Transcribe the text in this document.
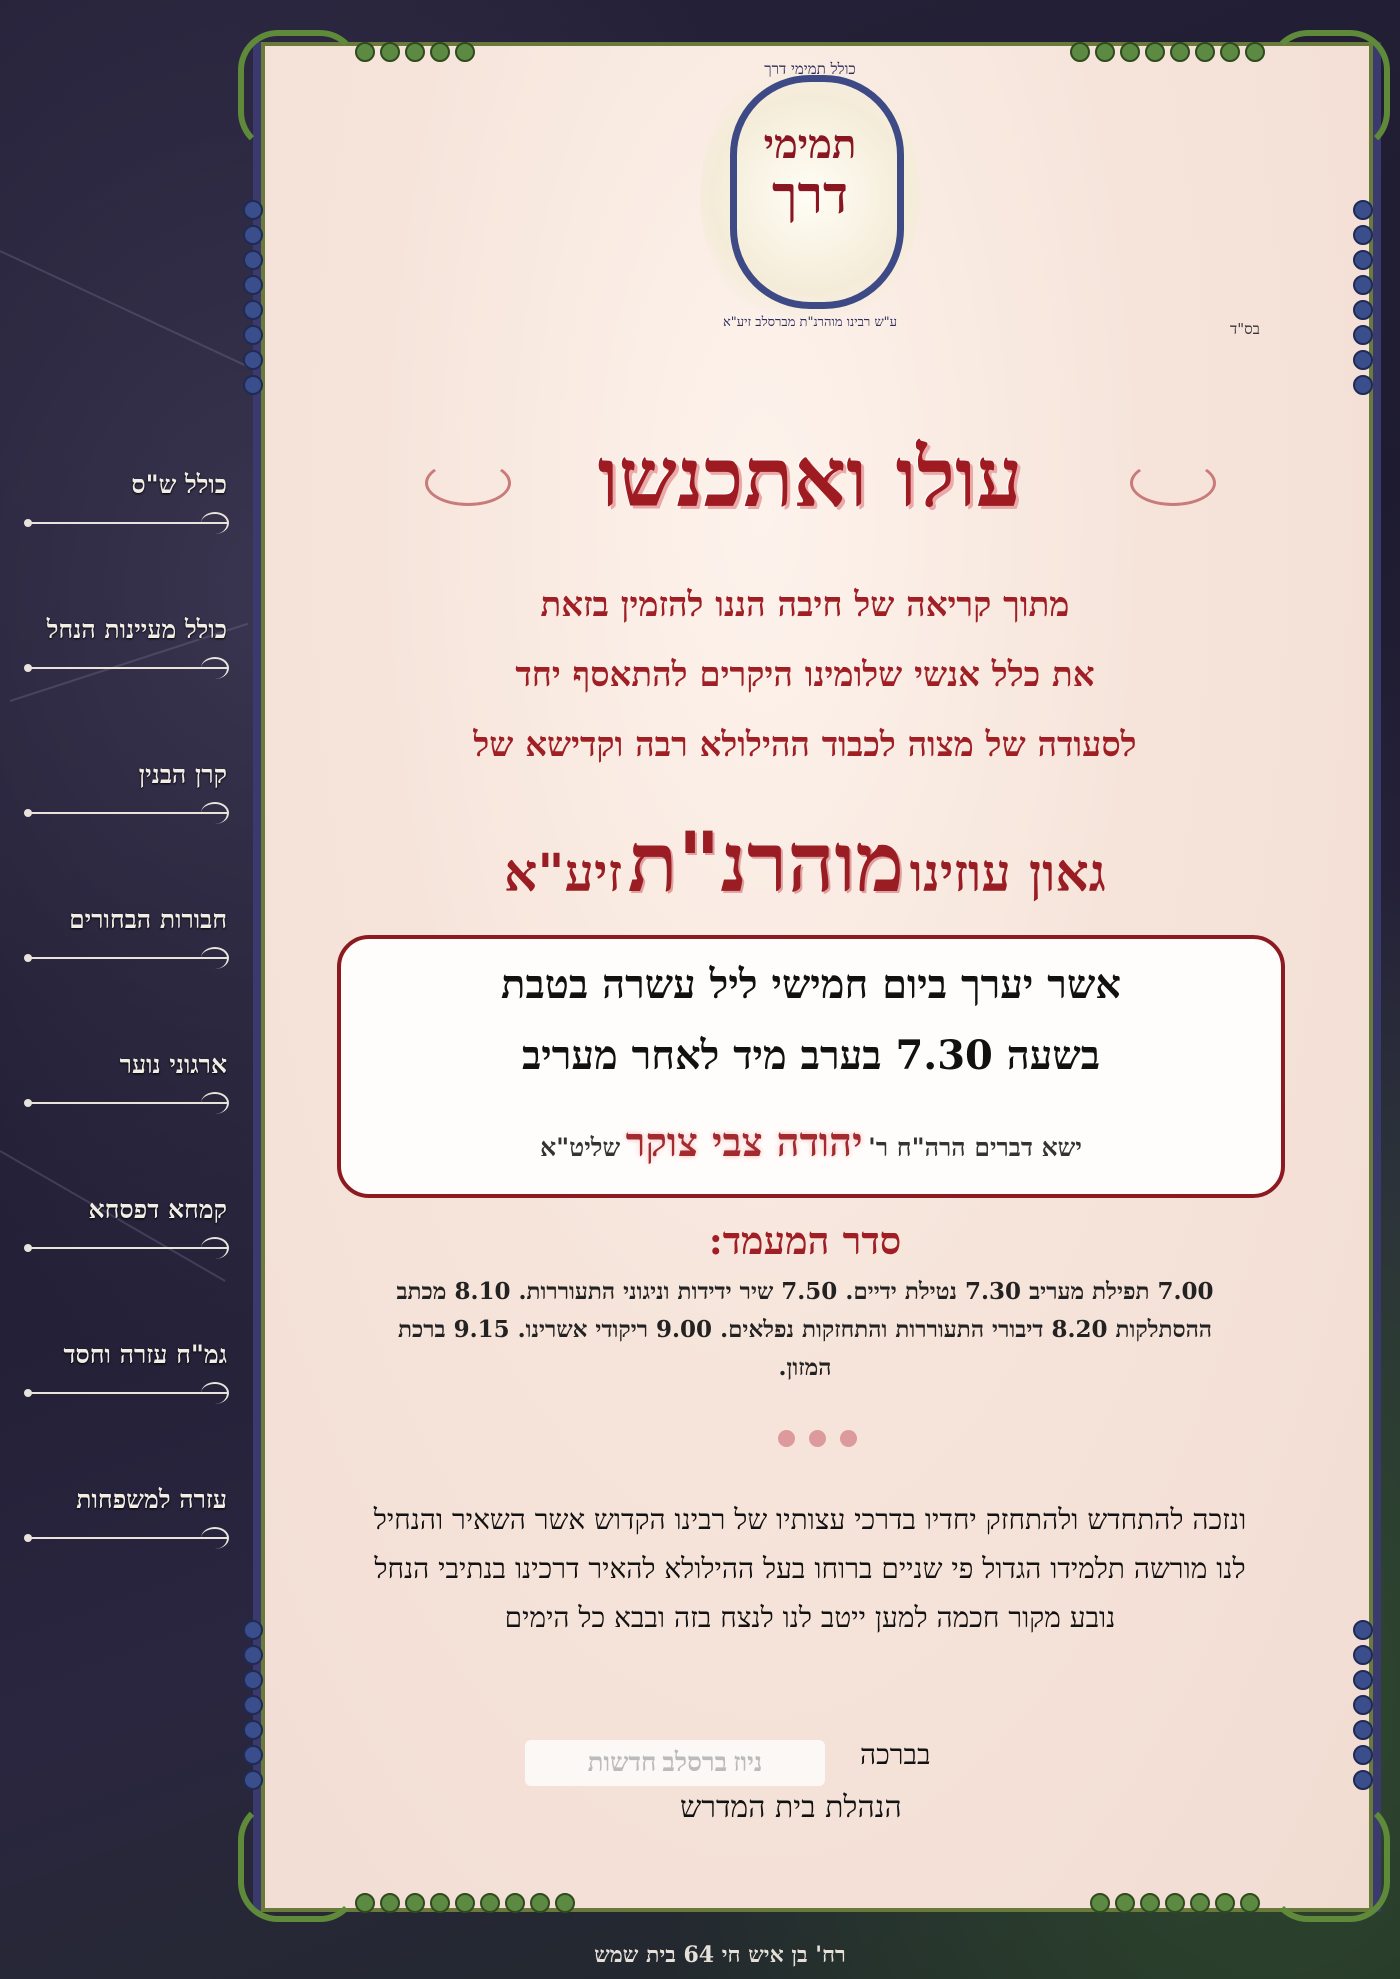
כולל ש"ס
כולל מעיינות הנחל
קרן הבנין
חבורות הבחורים
ארגוני נוער
קמחא דפסחא
גמ"ח עזרה וחסד
עזרה למשפחות
כולל תמימי דרך
תמימי
דרך
ע"ש רבינו מוהרנ"ת מברסלב זיע"א	בס"ד
עולו ואתכנשו
מתוך קריאה של חיבה הננו להזמין בזאת
את כלל אנשי שלומינו היקרים להתאסף יחד
לסעודה של מצוה לכבוד ההילולא רבה וקדישא של
גאון עוזינו מוהרנ"ת זיע"א
אשר יערך ביום חמישי ליל עשרה בטבת
בשעה 7.30 בערב מיד לאחר מעריב
ישא דברים הרה"ח ר' יהודה צבי צוקר שליט"א
סדר המעמד:
7.00 תפילת מעריב 7.30 נטילת ידיים. 7.50 שיר ידידות וניגוני התעוררות. 8.10 מכתב ההסתלקות 8.20 דיבורי התעוררות והתחזקות נפלאים. 9.00 ריקודי אשרינו. 9.15 ברכת המזון.
ונזכה להתחדש ולהתחזק יחדיו בדרכי עצותיו של רבינו הקדוש אשר השאיר והנחיל לנו מורשה תלמידו הגדול פי שניים ברוחו בעל ההילולא להאיר דרכינו בנתיבי הנחל נובע מקור חכמה למען ייטב לנו לנצח בזה ובבא כל הימים
בברכה
חדשות ברסלב ניוז
הנהלת בית המדרש
רח' בן איש חי 64 בית שמש
